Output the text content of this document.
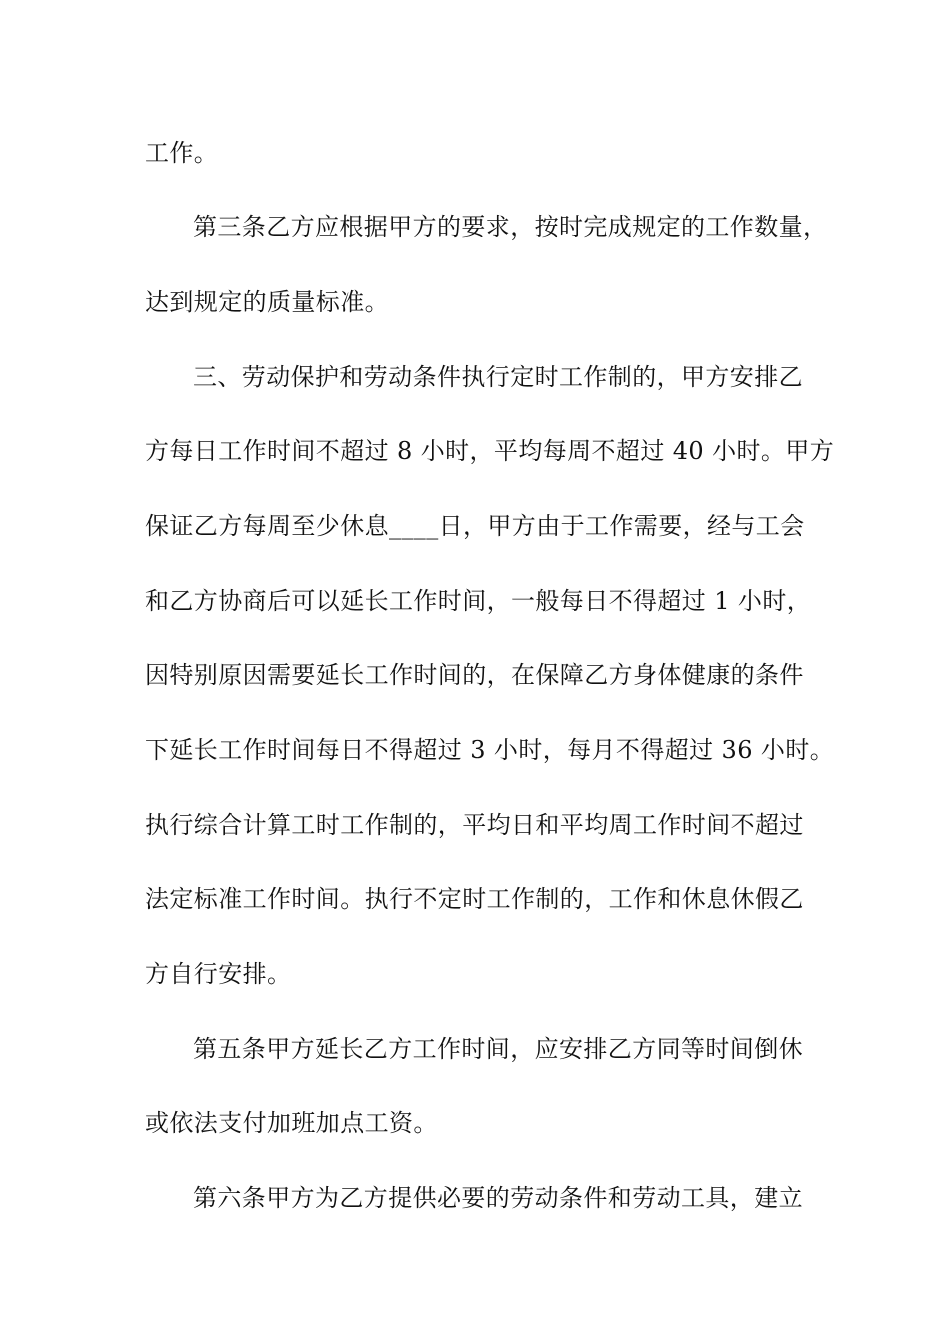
工作。
第三条乙方应根据甲方的要求，按时完成规定的工作数量，
达到规定的质量标准。
三、劳动保护和劳动条件执行定时工作制的，甲方安排乙
方每日工作时间不超过 8 小时，平均每周不超过 40 小时。甲方
保证乙方每周至少休息____日，甲方由于工作需要，经与工会
和乙方协商后可以延长工作时间，一般每日不得超过 1 小时，
因特别原因需要延长工作时间的，在保障乙方身体健康的条件
下延长工作时间每日不得超过 3 小时，每月不得超过 36 小时。
执行综合计算工时工作制的，平均日和平均周工作时间不超过
法定标准工作时间。执行不定时工作制的，工作和休息休假乙
方自行安排。
第五条甲方延长乙方工作时间，应安排乙方同等时间倒休
或依法支付加班加点工资。
第六条甲方为乙方提供必要的劳动条件和劳动工具，建立
